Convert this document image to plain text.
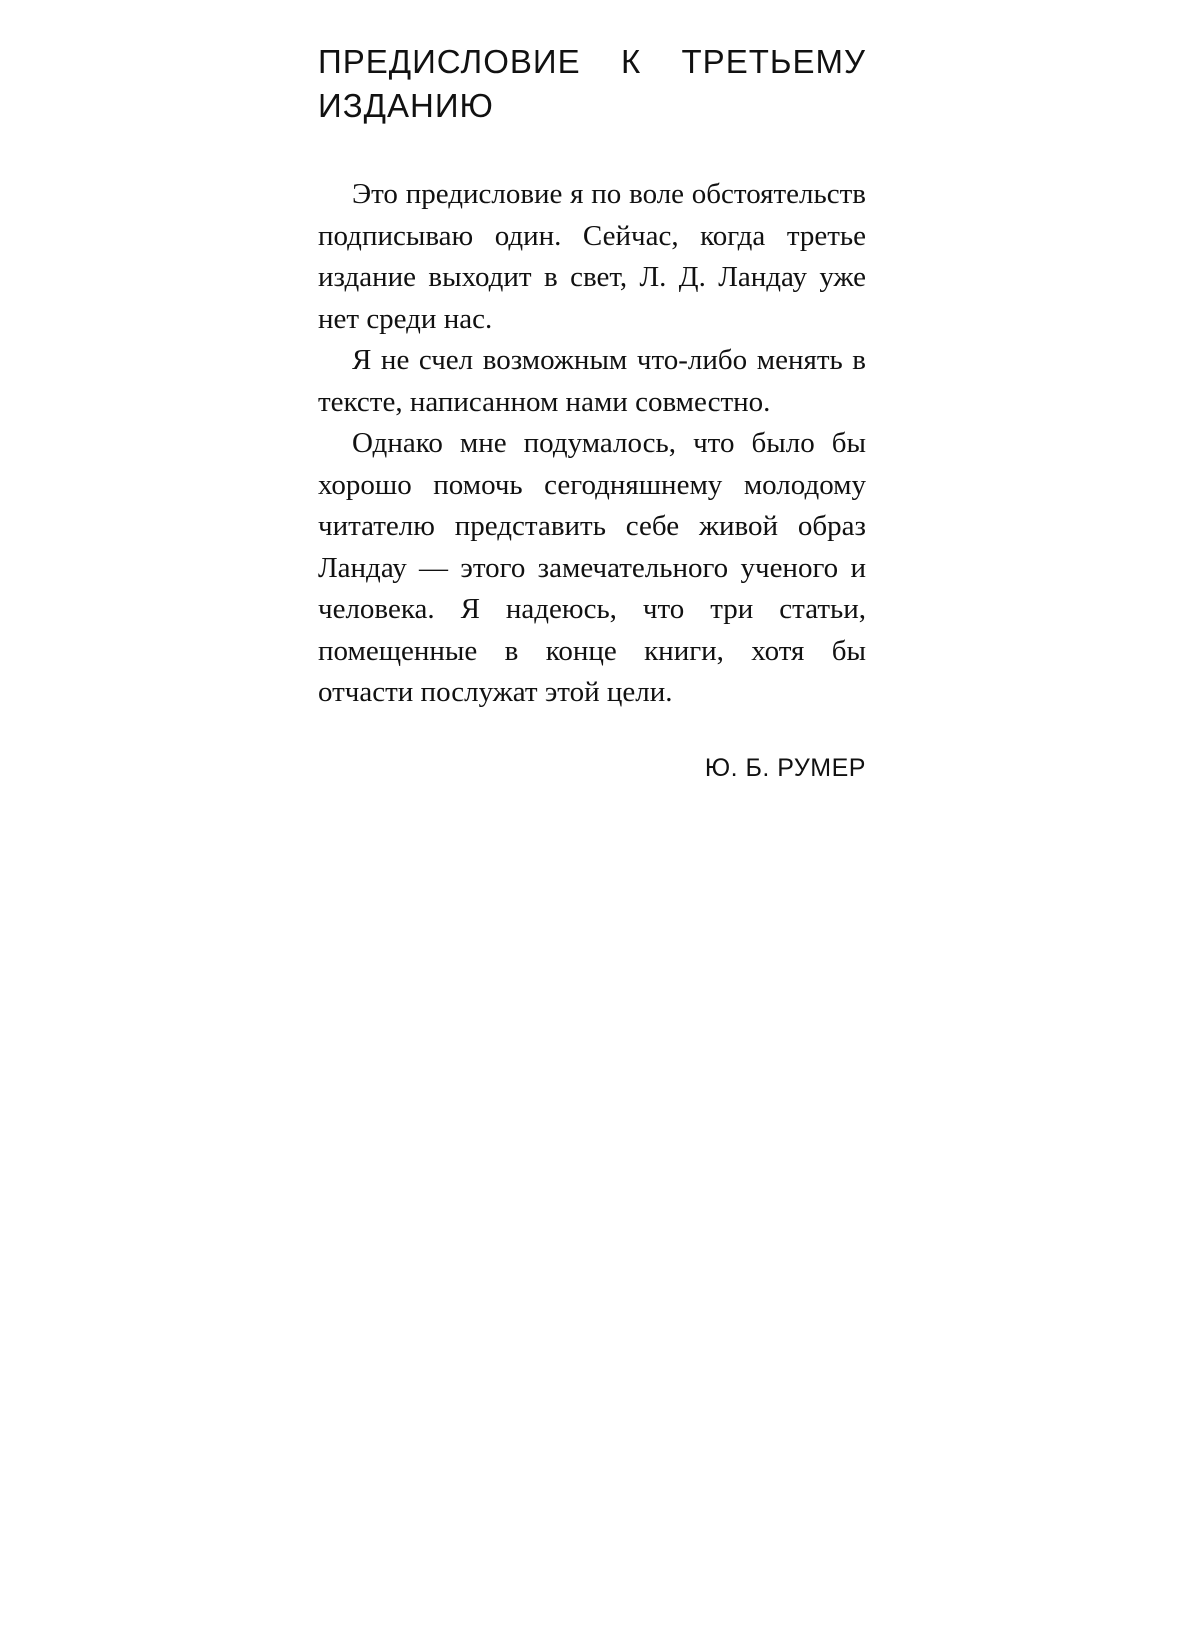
ПРЕДИСЛОВИЕ К ТРЕТЬЕМУ ИЗДАНИЮ

Это предисловие я по воле обстоятельств подписываю один. Сейчас, когда третье издание выходит в свет, Л. Д. Ландау уже нет среди нас.

Я не счел возможным что-либо менять в тексте, написанном нами совместно.

Однако мне подумалось, что было бы хорошо помочь сегодняшнему молодому читателю представить себе живой образ Ландау — этого замечательного ученого и человека. Я надеюсь, что три статьи, помещенные в конце книги, хотя бы отчасти послужат этой цели.

Ю. Б. РУМЕР
